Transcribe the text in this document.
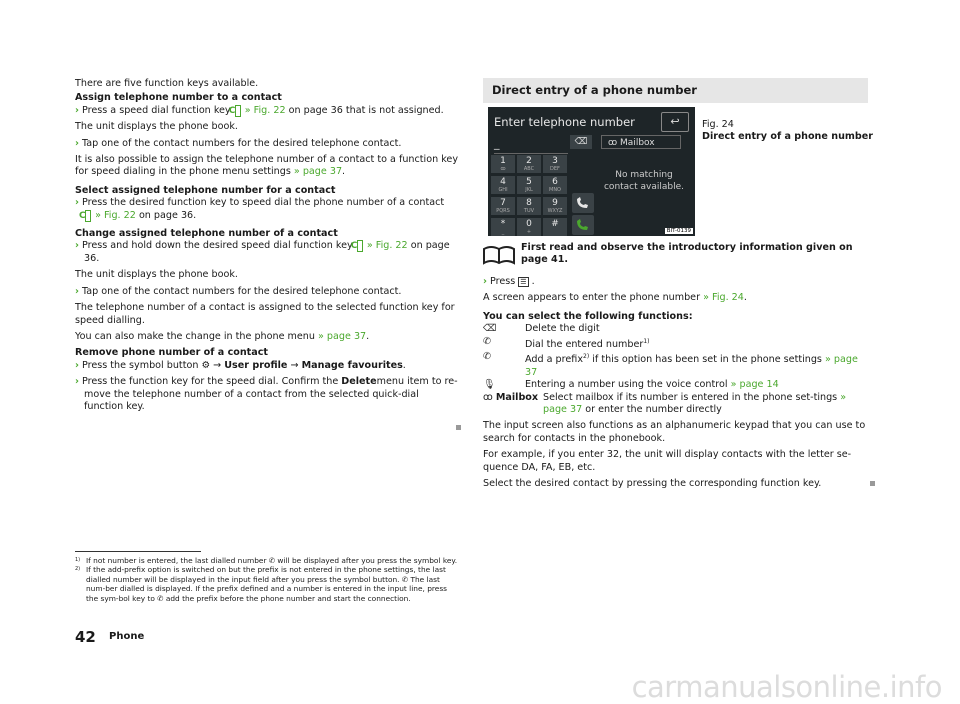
There are five function keys available.

Assign telephone number to a contact

› Press a speed dial function key C » Fig. 22 on page 36 that is not assigned.

The unit displays the phone book.

› Tap one of the contact numbers for the desired telephone contact.

It is also possible to assign the telephone number of a contact to a function key for speed dialing in the phone menu settings » page 37.

Select assigned telephone number for a contact

› Press the desired function key to speed dial the phone number of a contact
C » Fig. 22 on page 36.

Change assigned telephone number of a contact

› Press and hold down the desired speed dial function key C » Fig. 22 on page 36.

The unit displays the phone book.

› Tap one of the contact numbers for the desired telephone contact.

The telephone number of a contact is assigned to the selected function key for speed dialling.

You can also make the change in the phone menu » page 37.

Remove phone number of a contact

› Press the symbol button ⚙ → User profile → Manage favourites.

› Press the function key for the speed dial. Confirm the Deletemenu item to re-move the telephone number of a contact from the selected quick-dial function key.

Direct entry of a phone number
Enter telephone number	↩
_	⌫	ꝏ Mailbox
1
ꝏ
2
ABC
3
DEF
4
GHI
5
JKL
6
MNO
7
PQRS
8
TUV
9
WXYZ
*
_
0
+
#
No matching contact available.
BIT-0139
Fig. 24
Direct entry of a phone number
First read and observe the introductory information given on page 41.

› Press ☰ .

A screen appears to enter the phone number » Fig. 24.

You can select the following functions:

⌫	Delete the digit
✆	Dial the entered number$^{1)}$
✆	Add a prefix$^{2)}$ if this option has been set in the phone settings » page 37
🎙︎	Entering a number using the voice control » page 14
ꝏ Mailbox Select mailbox if its number is entered in the phone set-tings » page 37 or enter the number directly

The input screen also functions as an alphanumeric keypad that you can use to search for contacts in the phonebook.

For example, if you enter 32, the unit will display contacts with the letter se-quence DA, FA, EB, etc.

Select the desired contact by pressing the corresponding function key.

1) If not number is entered, the last dialled number ✆ will be displayed after you press the symbol key.
2) If the add-prefix option is switched on but the prefix is not entered in the phone settings, the last dialled number will be displayed in the input field after you press the symbol button. ✆ The last num-ber dialled is displayed. If the prefix defined and a number is entered in the input line, press the sym-bol key to ✆ add the prefix before the phone number and start the connection.
42 Phone
carmanualsonline.info
